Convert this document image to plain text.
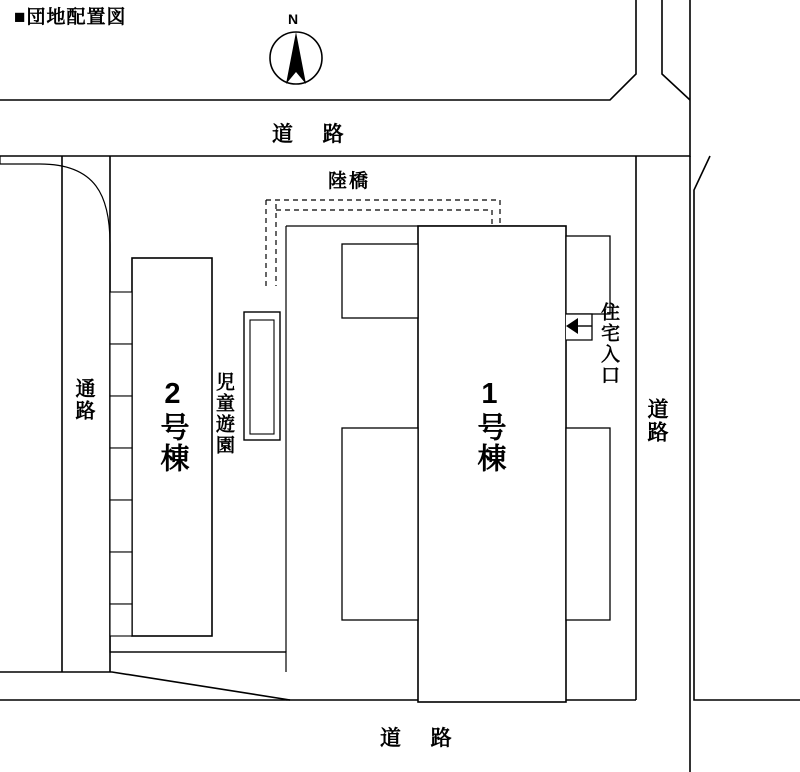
■団地配置図	N
道  路
道  路
道路
通路
陸橋
1号棟
2号棟 児童遊園
住宅入口
